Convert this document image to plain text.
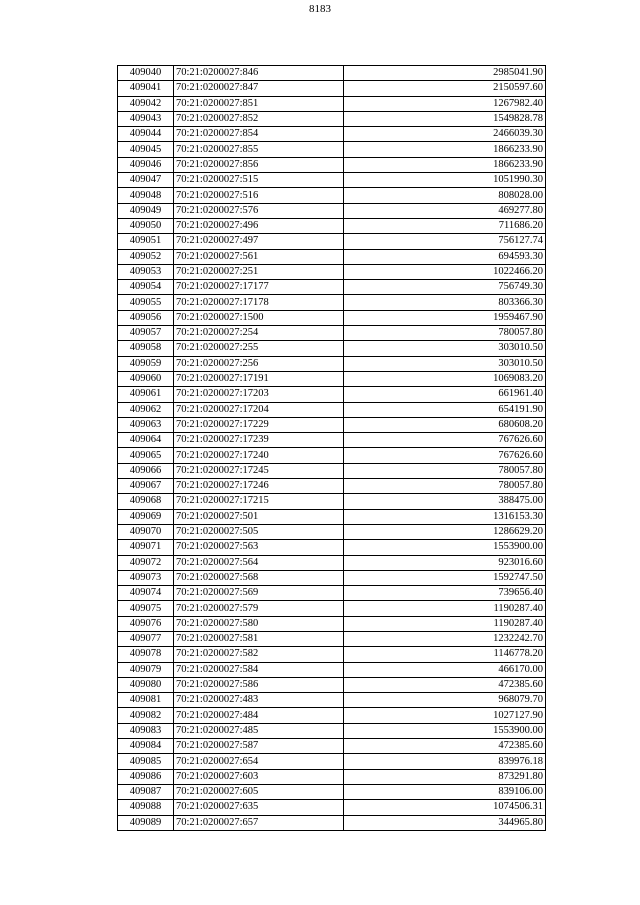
8183
409040	70:21:0200027:846	2985041.90
409041	70:21:0200027:847	2150597.60
409042	70:21:0200027:851	1267982.40
409043	70:21:0200027:852	1549828.78
409044	70:21:0200027:854	2466039.30
409045	70:21:0200027:855	1866233.90
409046	70:21:0200027:856	1866233.90
409047	70:21:0200027:515	1051990.30
409048	70:21:0200027:516	808028.00
409049	70:21:0200027:576	469277.80
409050	70:21:0200027:496	711686.20
409051	70:21:0200027:497	756127.74
409052	70:21:0200027:561	694593.30
409053	70:21:0200027:251	1022466.20
409054	70:21:0200027:17177	756749.30
409055	70:21:0200027:17178	803366.30
409056	70:21:0200027:1500	1959467.90
409057	70:21:0200027:254	780057.80
409058	70:21:0200027:255	303010.50
409059	70:21:0200027:256	303010.50
409060	70:21:0200027:17191	1069083.20
409061	70:21:0200027:17203	661961.40
409062	70:21:0200027:17204	654191.90
409063	70:21:0200027:17229	680608.20
409064	70:21:0200027:17239	767626.60
409065	70:21:0200027:17240	767626.60
409066	70:21:0200027:17245	780057.80
409067	70:21:0200027:17246	780057.80
409068	70:21:0200027:17215	388475.00
409069	70:21:0200027:501	1316153.30
409070	70:21:0200027:505	1286629.20
409071	70:21:0200027:563	1553900.00
409072	70:21:0200027:564	923016.60
409073	70:21:0200027:568	1592747.50
409074	70:21:0200027:569	739656.40
409075	70:21:0200027:579	1190287.40
409076	70:21:0200027:580	1190287.40
409077	70:21:0200027:581	1232242.70
409078	70:21:0200027:582	1146778.20
409079	70:21:0200027:584	466170.00
409080	70:21:0200027:586	472385.60
409081	70:21:0200027:483	968079.70
409082	70:21:0200027:484	1027127.90
409083	70:21:0200027:485	1553900.00
409084	70:21:0200027:587	472385.60
409085	70:21:0200027:654	839976.18
409086	70:21:0200027:603	873291.80
409087	70:21:0200027:605	839106.00
409088	70:21:0200027:635	1074506.31
409089	70:21:0200027:657	344965.80
